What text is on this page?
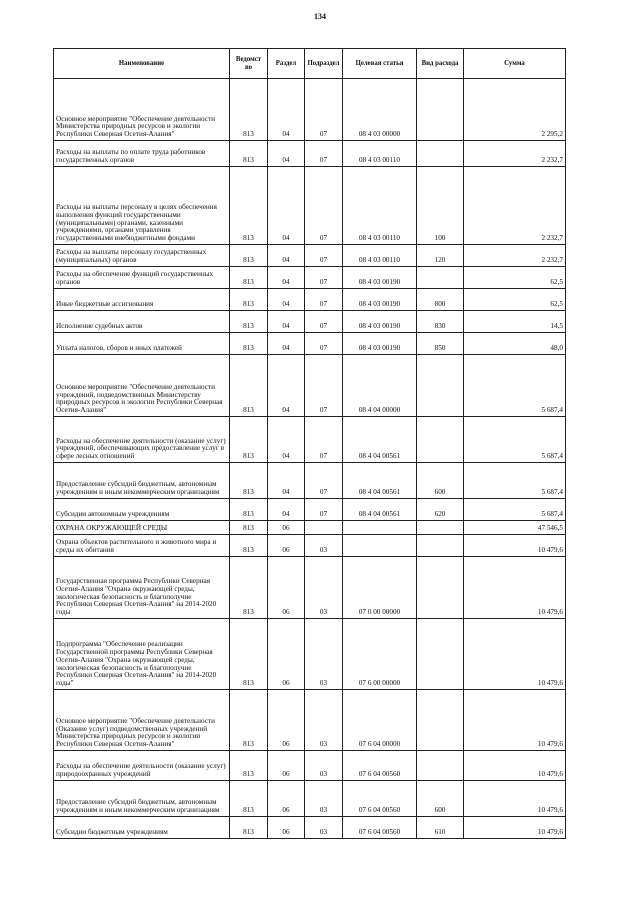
134
Наименование	Ведомст во	Раздел	Подраздел	Целевая статья	Вид расхода	Сумма
Основное мероприятие "Обеспечение деятельности Министерства природных ресурсов и экологии Республики Северная Осетия-Алания"	813	04	07	08 4 03 00000		2 295,2
Расходы на выплаты по оплате труда работников государственных органов	813	04	07	08 4 03 00110		2 232,7
Расходы на выплаты персоналу в целях обеспечения выполнения функций государственными (муниципальными) органами, казенными учреждениями, органами управления государственными внебюджетными фондами	813	04	07	08 4 03 00110	100	2 232,7
Расходы на выплаты персоналу государственных (муниципальных) органов	813	04	07	08 4 03 00110	120	2 232,7
Расходы на обеспечение функций государственных органов	813	04	07	08 4 03 00190		62,5
Иные бюджетные ассигнования	813	04	07	08 4 03 00190	800	62,5
Исполнение судебных актов	813	04	07	08 4 03 00190	830	14,5
Уплата налогов, сборов и иных платежей	813	04	07	08 4 03 00190	850	48,0
Основное мероприятие "Обеспечение деятельности учреждений, подведомственных Министерству природных ресурсов и экологии Республики Северная Осетия-Алания"	813	04	07	08 4 04 00000		5 687,4
Расходы на обеспечение деятельности (оказание услуг) учреждений, обеспечивающих предоставление услуг в сфере лесных отношений	813	04	07	08 4 04 00561		5 687,4
Предоставление субсидий бюджетным, автономным учреждениям и иным некоммерческим организациям	813	04	07	08 4 04 00561	600	5 687,4
Субсидии автономным учреждениям	813	04	07	08 4 04 00561	620	5 687,4
ОХРАНА ОКРУЖАЮЩЕЙ СРЕДЫ	813	06				47 546,5
Охрана объектов растительного и животного мира и среды их обитания	813	06	03			10 479,6
Государственная программа Республики Северная Осетия-Алания "Охрана окружающей среды, экологическая безопасность и благополучие Республики Северная Осетия-Алания" на 2014-2020 годы	813	06	03	07 0 00 00000		10 479,6
Подпрограмма "Обеспечение реализации Государственной программы Республики Северная Осетия-Алания "Охрана окружающей среды, экологическая безопасность и благополучие Республики Северная Осетия-Алания" на 2014-2020 годы"	813	06	03	07 6 00 00000		10 479,6
Основное мероприятие "Обеспечение деятельности (Оказание услуг) подведомственных учреждений Министерства природных ресурсов и экологии Республики Северная Осетия-Алания"	813	06	03	07 6 04 00000		10 479,6
Расходы на обеспечение деятельности (оказание услуг) природоохранных учреждений	813	06	03	07 6 04 00560		10 479,6
Предоставление субсидий бюджетным, автономным учреждениям и иным некоммерческим организациям	813	06	03	07 6 04 00560	600	10 479,6
Субсидии бюджетным учреждениям	813	06	03	07 6 04 00560	610	10 479,6
